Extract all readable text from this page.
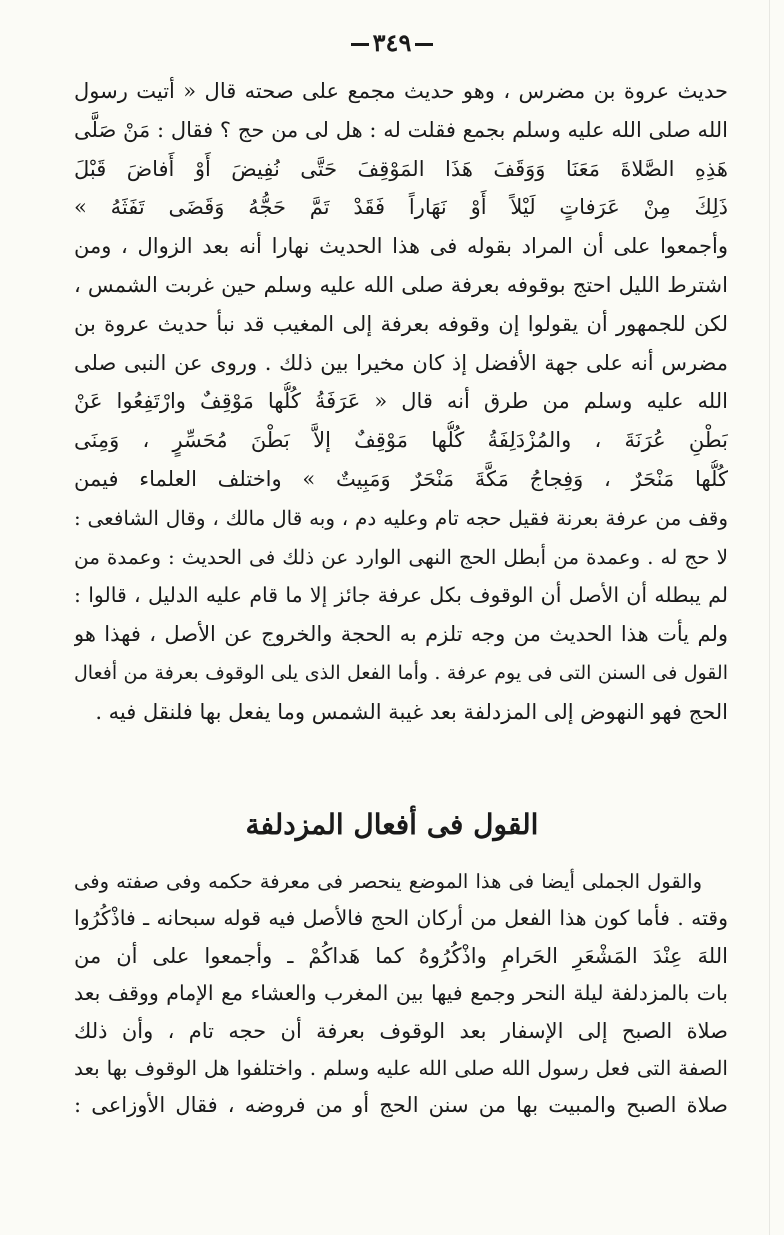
٣٤٩
حديث عروة بن مضرس ، وهو حديث مجمع على صحته قال « أتيت رسول
الله صلى الله عليه وسلم بجمع فقلت له : هل لى من حج ؟ فقال : مَنْ صَلَّى
هَذِهِ الصَّلاةَ مَعَنَا وَوَقَفَ هَذَا المَوْقِفَ حَتَّى نُفِيضَ أَوْ أَفاضَ قَبْلَ
ذَلِكَ مِنْ عَرَفاتٍ لَيْلاً أَوْ نَهَاراً فَقَدْ تَمَّ حَجُّهُ وَقَضَى تَفَثَهُ »
وأجمعوا على أن المراد بقوله فى هذا الحديث نهارا أنه بعد الزوال ، ومن
اشترط الليل احتج بوقوفه بعرفة صلى الله عليه وسلم حين غربت الشمس ،
لكن للجمهور أن يقولوا إن وقوفه بعرفة إلى المغيب قد نبأ حديث عروة بن
مضرس أنه على جهة الأفضل إذ كان مخيرا بين ذلك . وروى عن النبى صلى
الله عليه وسلم من طرق أنه قال « عَرَفَةُ كُلُّها مَوْقِفٌ وارْتَفِعُوا عَنْ
بَطْنِ عُرَنَةَ ، والمُزْدَلِفَةُ كُلُّها مَوْقِفٌ إلاَّ بَطْنَ مُحَسِّرٍ ، وَمِنَى
كُلُّها مَنْحَرٌ ، وَفِجاجُ مَكَّةَ مَنْحَرٌ وَمَبِيتٌ » واختلف العلماء فيمن
وقف من عرفة بعرنة فقيل حجه تام وعليه دم ، وبه قال مالك ، وقال الشافعى :
لا حج له . وعمدة من أبطل الحج النهى الوارد عن ذلك فى الحديث : وعمدة من
لم يبطله أن الأصل أن الوقوف بكل عرفة جائز إلا ما قام عليه الدليل ، قالوا :
ولم يأت هذا الحديث من وجه تلزم به الحجة والخروج عن الأصل ، فهذا هو
القول فى السنن التى فى يوم عرفة . وأما الفعل الذى يلى الوقوف بعرفة من أفعال
الحج فهو النهوض إلى المزدلفة بعد غيبة الشمس وما يفعل بها فلنقل فيه .
القول فى أفعال المزدلفة
والقول الجملى أيضا فى هذا الموضع ينحصر فى معرفة حكمه وفى صفته وفى
وقته . فأما كون هذا الفعل من أركان الحج فالأصل فيه قوله سبحانه ـ فاذْكُرُوا
اللهَ عِنْدَ المَشْعَرِ الحَرامِ واذْكُرُوهُ كما هَداكُمْ ـ وأجمعوا على أن من
بات بالمزدلفة ليلة النحر وجمع فيها بين المغرب والعشاء مع الإمام ووقف بعد
صلاة الصبح إلى الإسفار بعد الوقوف بعرفة أن حجه تام ، وأن ذلك
الصفة التى فعل رسول الله صلى الله عليه وسلم . واختلفوا هل الوقوف بها بعد
صلاة الصبح والمبيت بها من سنن الحج أو من فروضه ، فقال الأوزاعى :
